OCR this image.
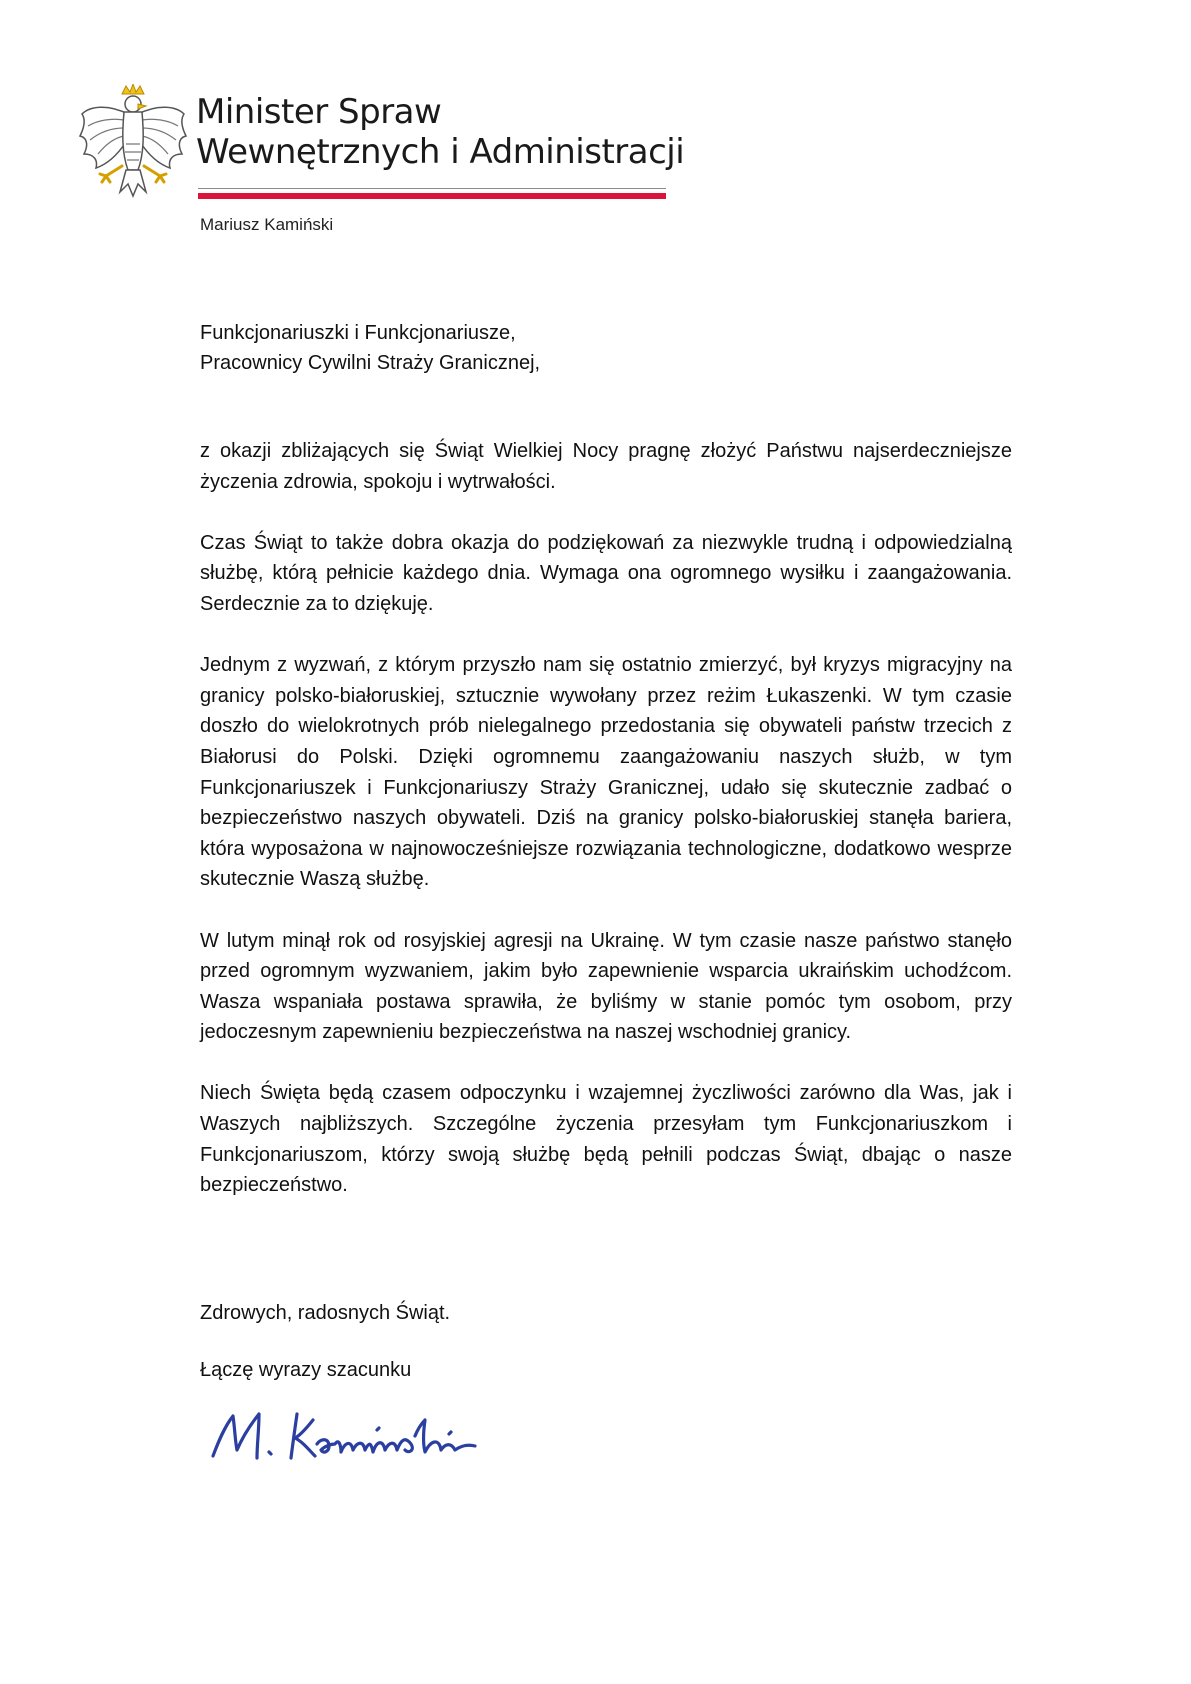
Minister Spraw
Wewnętrznych i Administracji
Mariusz Kamiński
Funkcjonariuszki i Funkcjonariusze,
Pracownicy Cywilni Straży Granicznej,

z okazji zbliżających się Świąt Wielkiej Nocy pragnę złożyć Państwu najserdeczniejsze życzenia zdrowia, spokoju i wytrwałości.

Czas Świąt to także dobra okazja do podziękowań za niezwykle trudną i odpowiedzialną służbę, którą pełnicie każdego dnia. Wymaga ona ogromnego wysiłku i zaangażowania. Serdecznie za to dziękuję.

Jednym z wyzwań, z którym przyszło nam się ostatnio zmierzyć, był kryzys migracyjny na granicy polsko-białoruskiej, sztucznie wywołany przez reżim Łukaszenki. W tym czasie doszło do wielokrotnych prób nielegalnego przedostania się obywateli państw trzecich z Białorusi do Polski. Dzięki ogromnemu zaangażowaniu naszych służb, w tym Funkcjonariuszek i Funkcjonariuszy Straży Granicznej, udało się skutecznie zadbać o bezpieczeństwo naszych obywateli. Dziś na granicy polsko-białoruskiej stanęła bariera, która wyposażona w najnowocześniejsze rozwiązania technologiczne, dodatkowo wesprze skutecznie Waszą służbę.

W lutym minął rok od rosyjskiej agresji na Ukrainę. W tym czasie nasze państwo stanęło przed ogromnym wyzwaniem, jakim było zapewnienie wsparcia ukraińskim uchodźcom. Wasza wspaniała postawa sprawiła, że byliśmy w stanie pomóc tym osobom, przy jedoczesnym zapewnieniu bezpieczeństwa na naszej wschodniej granicy.

Niech Święta będą czasem odpoczynku i wzajemnej życzliwości zarówno dla Was, jak i Waszych najbliższych. Szczególne życzenia przesyłam tym Funkcjonariuszkom i Funkcjonariuszom, którzy swoją służbę będą pełnili podczas Świąt, dbając o nasze bezpieczeństwo.

Zdrowych, radosnych Świąt.
Łączę wyrazy szacunku
